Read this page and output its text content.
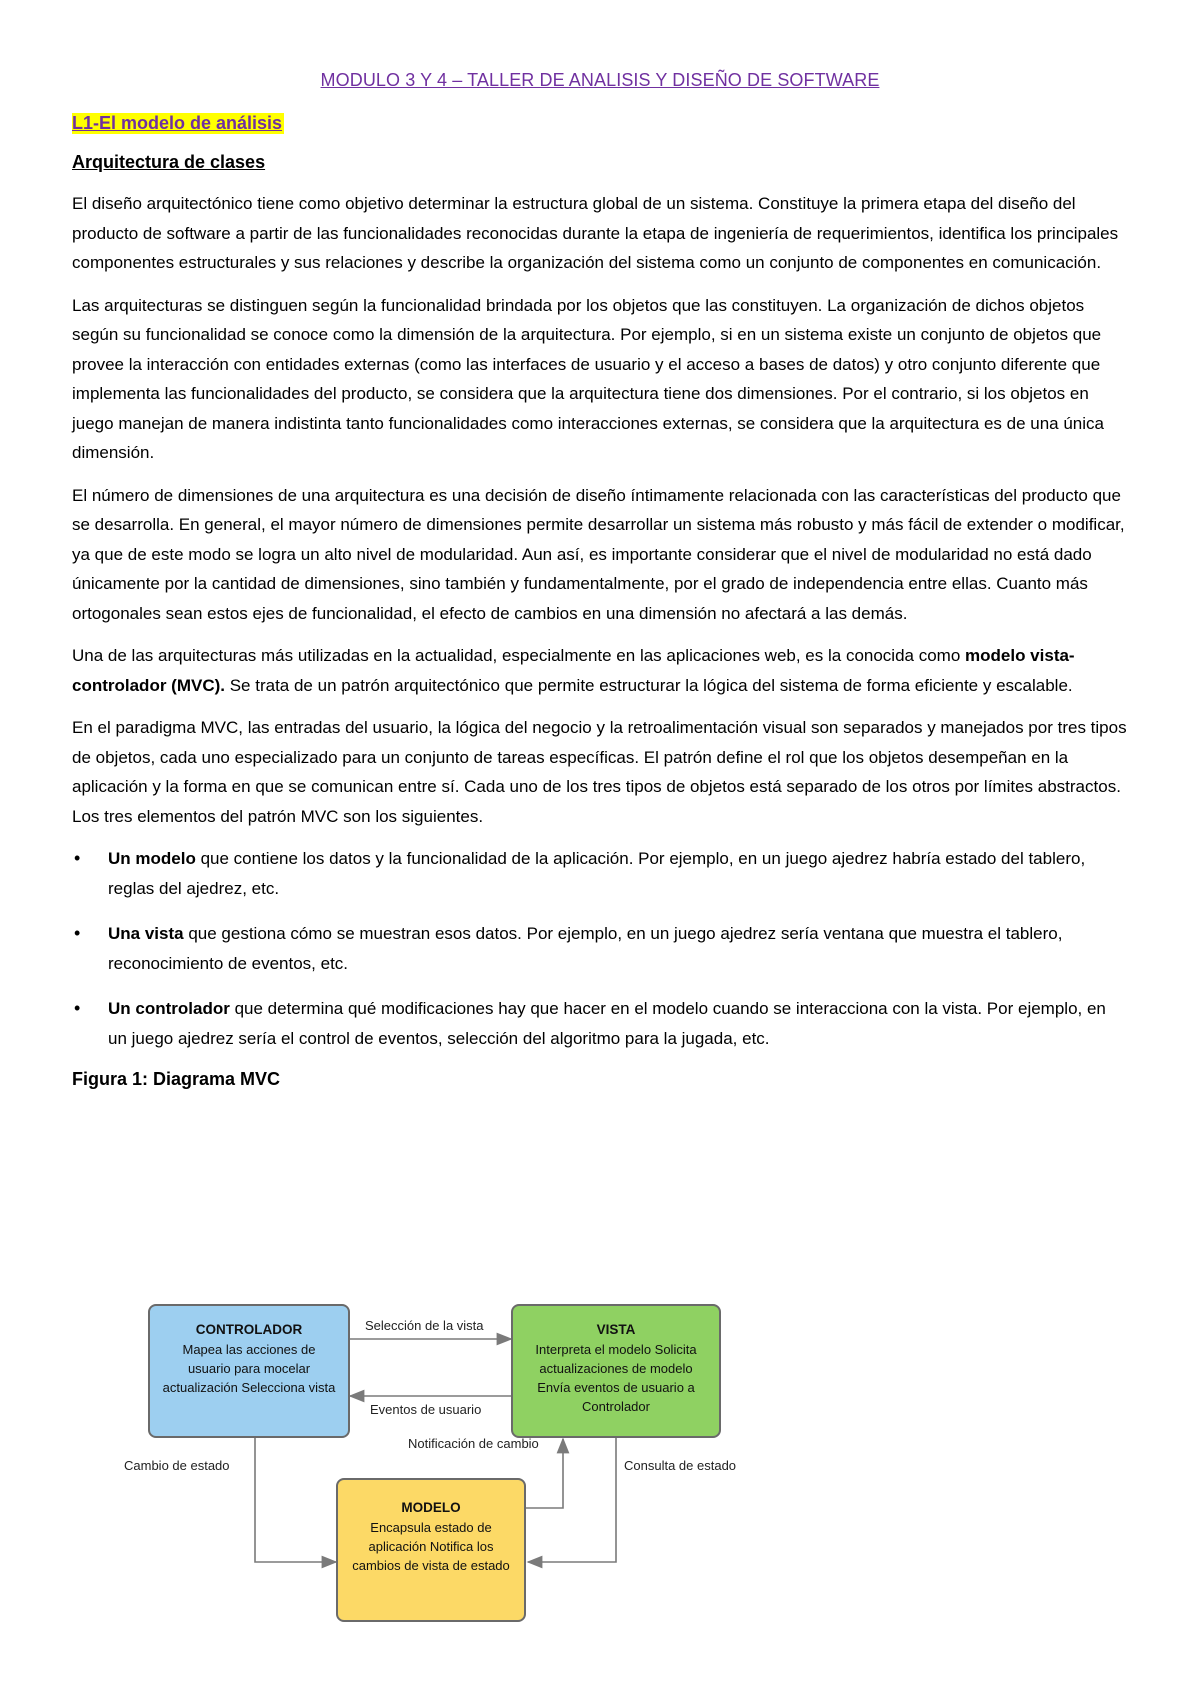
MODULO 3 Y 4 – TALLER DE ANALISIS Y DISEÑO DE SOFTWARE
L1-El modelo de análisis
Arquitectura de clases

El diseño arquitectónico tiene como objetivo determinar la estructura global de un sistema. Constituye la primera etapa del diseño del producto de software a partir de las funcionalidades reconocidas durante la etapa de ingeniería de requerimientos, identifica los principales componentes estructurales y sus relaciones y describe la organización del sistema como un conjunto de componentes en comunicación.

Las arquitecturas se distinguen según la funcionalidad brindada por los objetos que las constituyen. La organización de dichos objetos según su funcionalidad se conoce como la dimensión de la arquitectura. Por ejemplo, si en un sistema existe un conjunto de objetos que provee la interacción con entidades externas (como las interfaces de usuario y el acceso a bases de datos) y otro conjunto diferente que implementa las funcionalidades del producto, se considera que la arquitectura tiene dos dimensiones. Por el contrario, si los objetos en juego manejan de manera indistinta tanto funcionalidades como interacciones externas, se considera que la arquitectura es de una única dimensión.

El número de dimensiones de una arquitectura es una decisión de diseño íntimamente relacionada con las características del producto que se desarrolla. En general, el mayor número de dimensiones permite desarrollar un sistema más robusto y más fácil de extender o modificar, ya que de este modo se logra un alto nivel de modularidad. Aun así, es importante considerar que el nivel de modularidad no está dado únicamente por la cantidad de dimensiones, sino también y fundamentalmente, por el grado de independencia entre ellas. Cuanto más ortogonales sean estos ejes de funcionalidad, el efecto de cambios en una dimensión no afectará a las demás.

Una de las arquitecturas más utilizadas en la actualidad, especialmente en las aplicaciones web, es la conocida como modelo vista-controlador (MVC). Se trata de un patrón arquitectónico que permite estructurar la lógica del sistema de forma eficiente y escalable.

En el paradigma MVC, las entradas del usuario, la lógica del negocio y la retroalimentación visual son separados y manejados por tres tipos de objetos, cada uno especializado para un conjunto de tareas específicas. El patrón define el rol que los objetos desempeñan en la aplicación y la forma en que se comunican entre sí. Cada uno de los tres tipos de objetos está separado de los otros por límites abstractos. Los tres elementos del patrón MVC son los siguientes.

• Un modelo que contiene los datos y la funcionalidad de la aplicación. Por ejemplo, en un juego ajedrez habría estado del tablero, reglas del ajedrez, etc.
• Una vista que gestiona cómo se muestran esos datos. Por ejemplo, en un juego ajedrez sería ventana que muestra el tablero, reconocimiento de eventos, etc.
• Un controlador que determina qué modificaciones hay que hacer en el modelo cuando se interacciona con la vista. Por ejemplo, en un juego ajedrez sería el control de eventos, selección del algoritmo para la jugada, etc.
Figura 1: Diagrama MVC
CONTROLADOR
Mapea las acciones de usuario para mocelar actualización Selecciona vista
VISTA
Interpreta el modelo Solicita actualizaciones de modelo Envía eventos de usuario a Controlador
MODELO
Encapsula estado de aplicación Notifica los cambios de vista de estado
Selección de la vista
Eventos de usuario
Notificación de cambio
Cambio de estado	Consulta de estado
